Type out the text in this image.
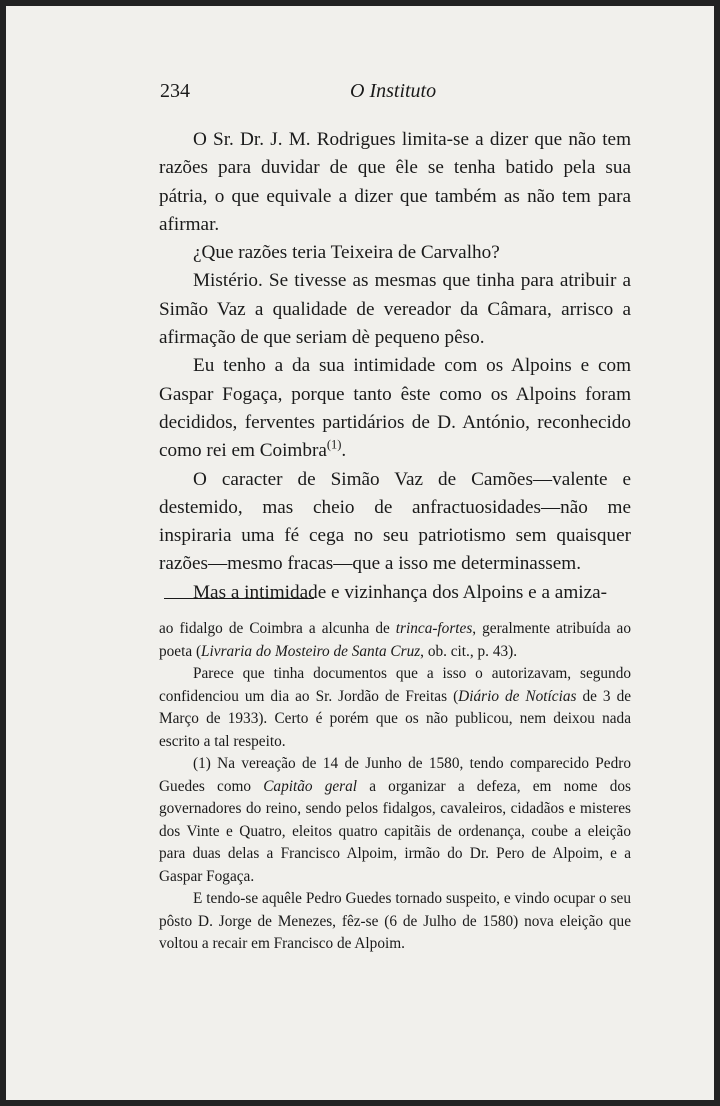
234	O Instituto

O Sr. Dr. J. M. Rodrigues limita-se a dizer que não tem razões para duvidar de que êle se tenha batido pela sua pátria, o que equivale a dizer que também as não tem para afirmar.

¿Que razões teria Teixeira de Carvalho?

Mistério. Se tivesse as mesmas que tinha para atribuir a Simão Vaz a qualidade de vereador da Câmara, arrisco a afirmação de que seriam dè pequeno pêso.

Eu tenho a da sua intimidade com os Alpoins e com Gaspar Fogaça, porque tanto êste como os Alpoins foram decididos, ferventes partidários de D. António, reconhecido como rei em Coimbra$^{(1)}$.

O caracter de Simão Vaz de Camões—valente e destemido, mas cheio de anfractuosidades—não me inspiraria uma fé cega no seu patriotismo sem quaisquer razões—mesmo fracas—que a isso me determinassem.

Mas a intimidade e vizinhança dos Alpoins e a amiza-

ao fidalgo de Coimbra a alcunha de trinca-fortes, geralmente atribuída ao poeta (Livraria do Mosteiro de Santa Cruz, ob. cit., p. 43).

Parece que tinha documentos que a isso o autorizavam, segundo confidenciou um dia ao Sr. Jordão de Freitas (Diário de Notícias de 3 de Março de 1933). Certo é porém que os não publicou, nem deixou nada escrito a tal respeito.

(1) Na vereação de 14 de Junho de 1580, tendo comparecido Pedro Guedes como Capitão geral a organizar a defeza, em nome dos governadores do reino, sendo pelos fidalgos, cavaleiros, cidadãos e misteres dos Vinte e Quatro, eleitos quatro capitãis de ordenança, coube a eleição para duas delas a Francisco Alpoim, irmão do Dr. Pero de Alpoim, e a Gaspar Fogaça.

E tendo-se aquêle Pedro Guedes tornado suspeito, e vindo ocupar o seu pôsto D. Jorge de Menezes, fêz-se (6 de Julho de 1580) nova eleição que voltou a recair em Francisco de Alpoim.
